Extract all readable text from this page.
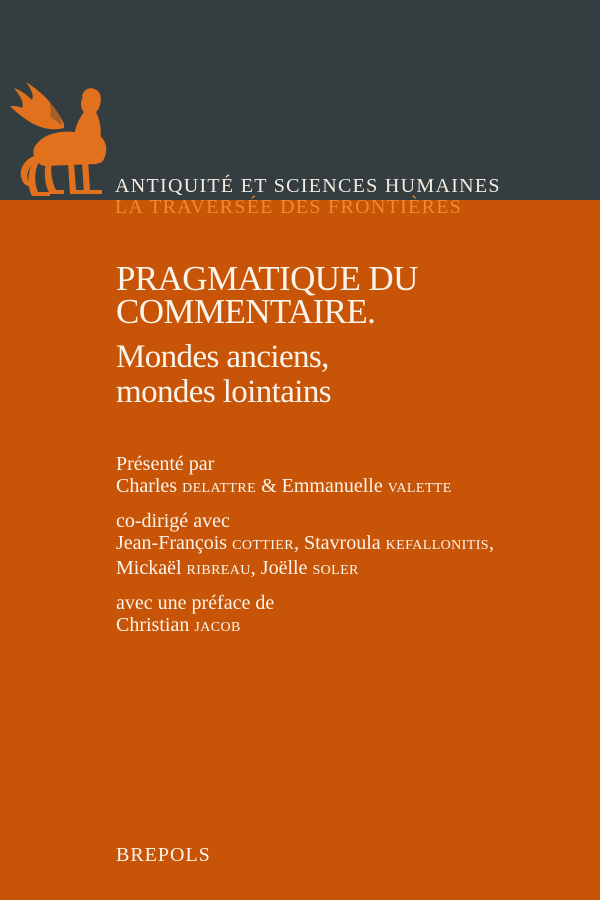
ANTIQUITÉ ET SCIENCES HUMAINES
LA TRAVERSÉE DES FRONTIÈRES
PRAGMATIQUE DU
COMMENTAIRE.
Mondes anciens,
mondes lointains
Présenté par
Charles DELATTRE & Emmanuelle VALETTE
co-dirigé avec
Jean-François COTTIER, Stavroula KEFALLONITIS,
Mickaël RIBREAU, Joëlle SOLER
avec une préface de
Christian JACOB
BREPOLS
